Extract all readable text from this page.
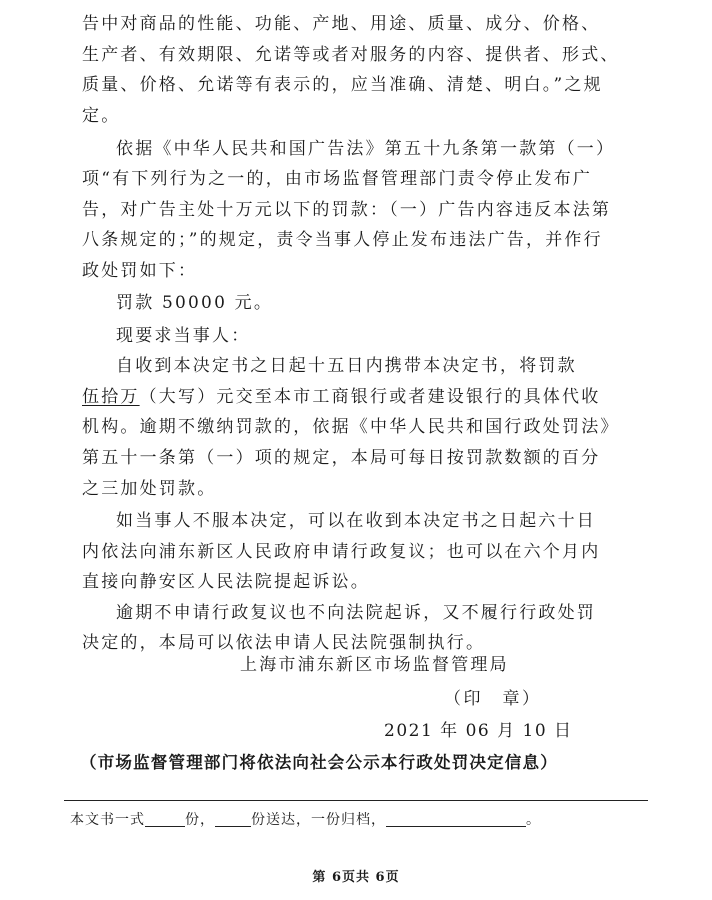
告中对商品的性能、功能、产地、用途、质量、成分、价格、
生产者、有效期限、允诺等或者对服务的内容、提供者、形式、
质量、价格、允诺等有表示的，应当准确、清楚、明白。”之规
定。
依据《中华人民共和国广告法》第五十九条第一款第（一）
项“有下列行为之一的，由市场监督管理部门责令停止发布广
告，对广告主处十万元以下的罚款：（一）广告内容违反本法第
八条规定的；”的规定，责令当事人停止发布违法广告，并作行
政处罚如下：
罚款 50000 元。
现要求当事人：
自收到本决定书之日起十五日内携带本决定书，将罚款
伍拾万（大写）元交至本市工商银行或者建设银行的具体代收
机构。逾期不缴纳罚款的，依据《中华人民共和国行政处罚法》
第五十一条第（一）项的规定，本局可每日按罚款数额的百分
之三加处罚款。
如当事人不服本决定，可以在收到本决定书之日起六十日
内依法向浦东新区人民政府申请行政复议；也可以在六个月内
直接向静安区人民法院提起诉讼。
逾期不申请行政复议也不向法院起诉，又不履行行政处罚
上海市浦东新区市场监督管理局
（印　章）
2021 年 06 月 10 日
（市场监督管理部门将依法向社会公示本行政处罚决定信息）
本文书一式	份，	份送达，一份归档，	。
第 6页共 6页
决定的，本局可以依法申请人民法院强制执行。
